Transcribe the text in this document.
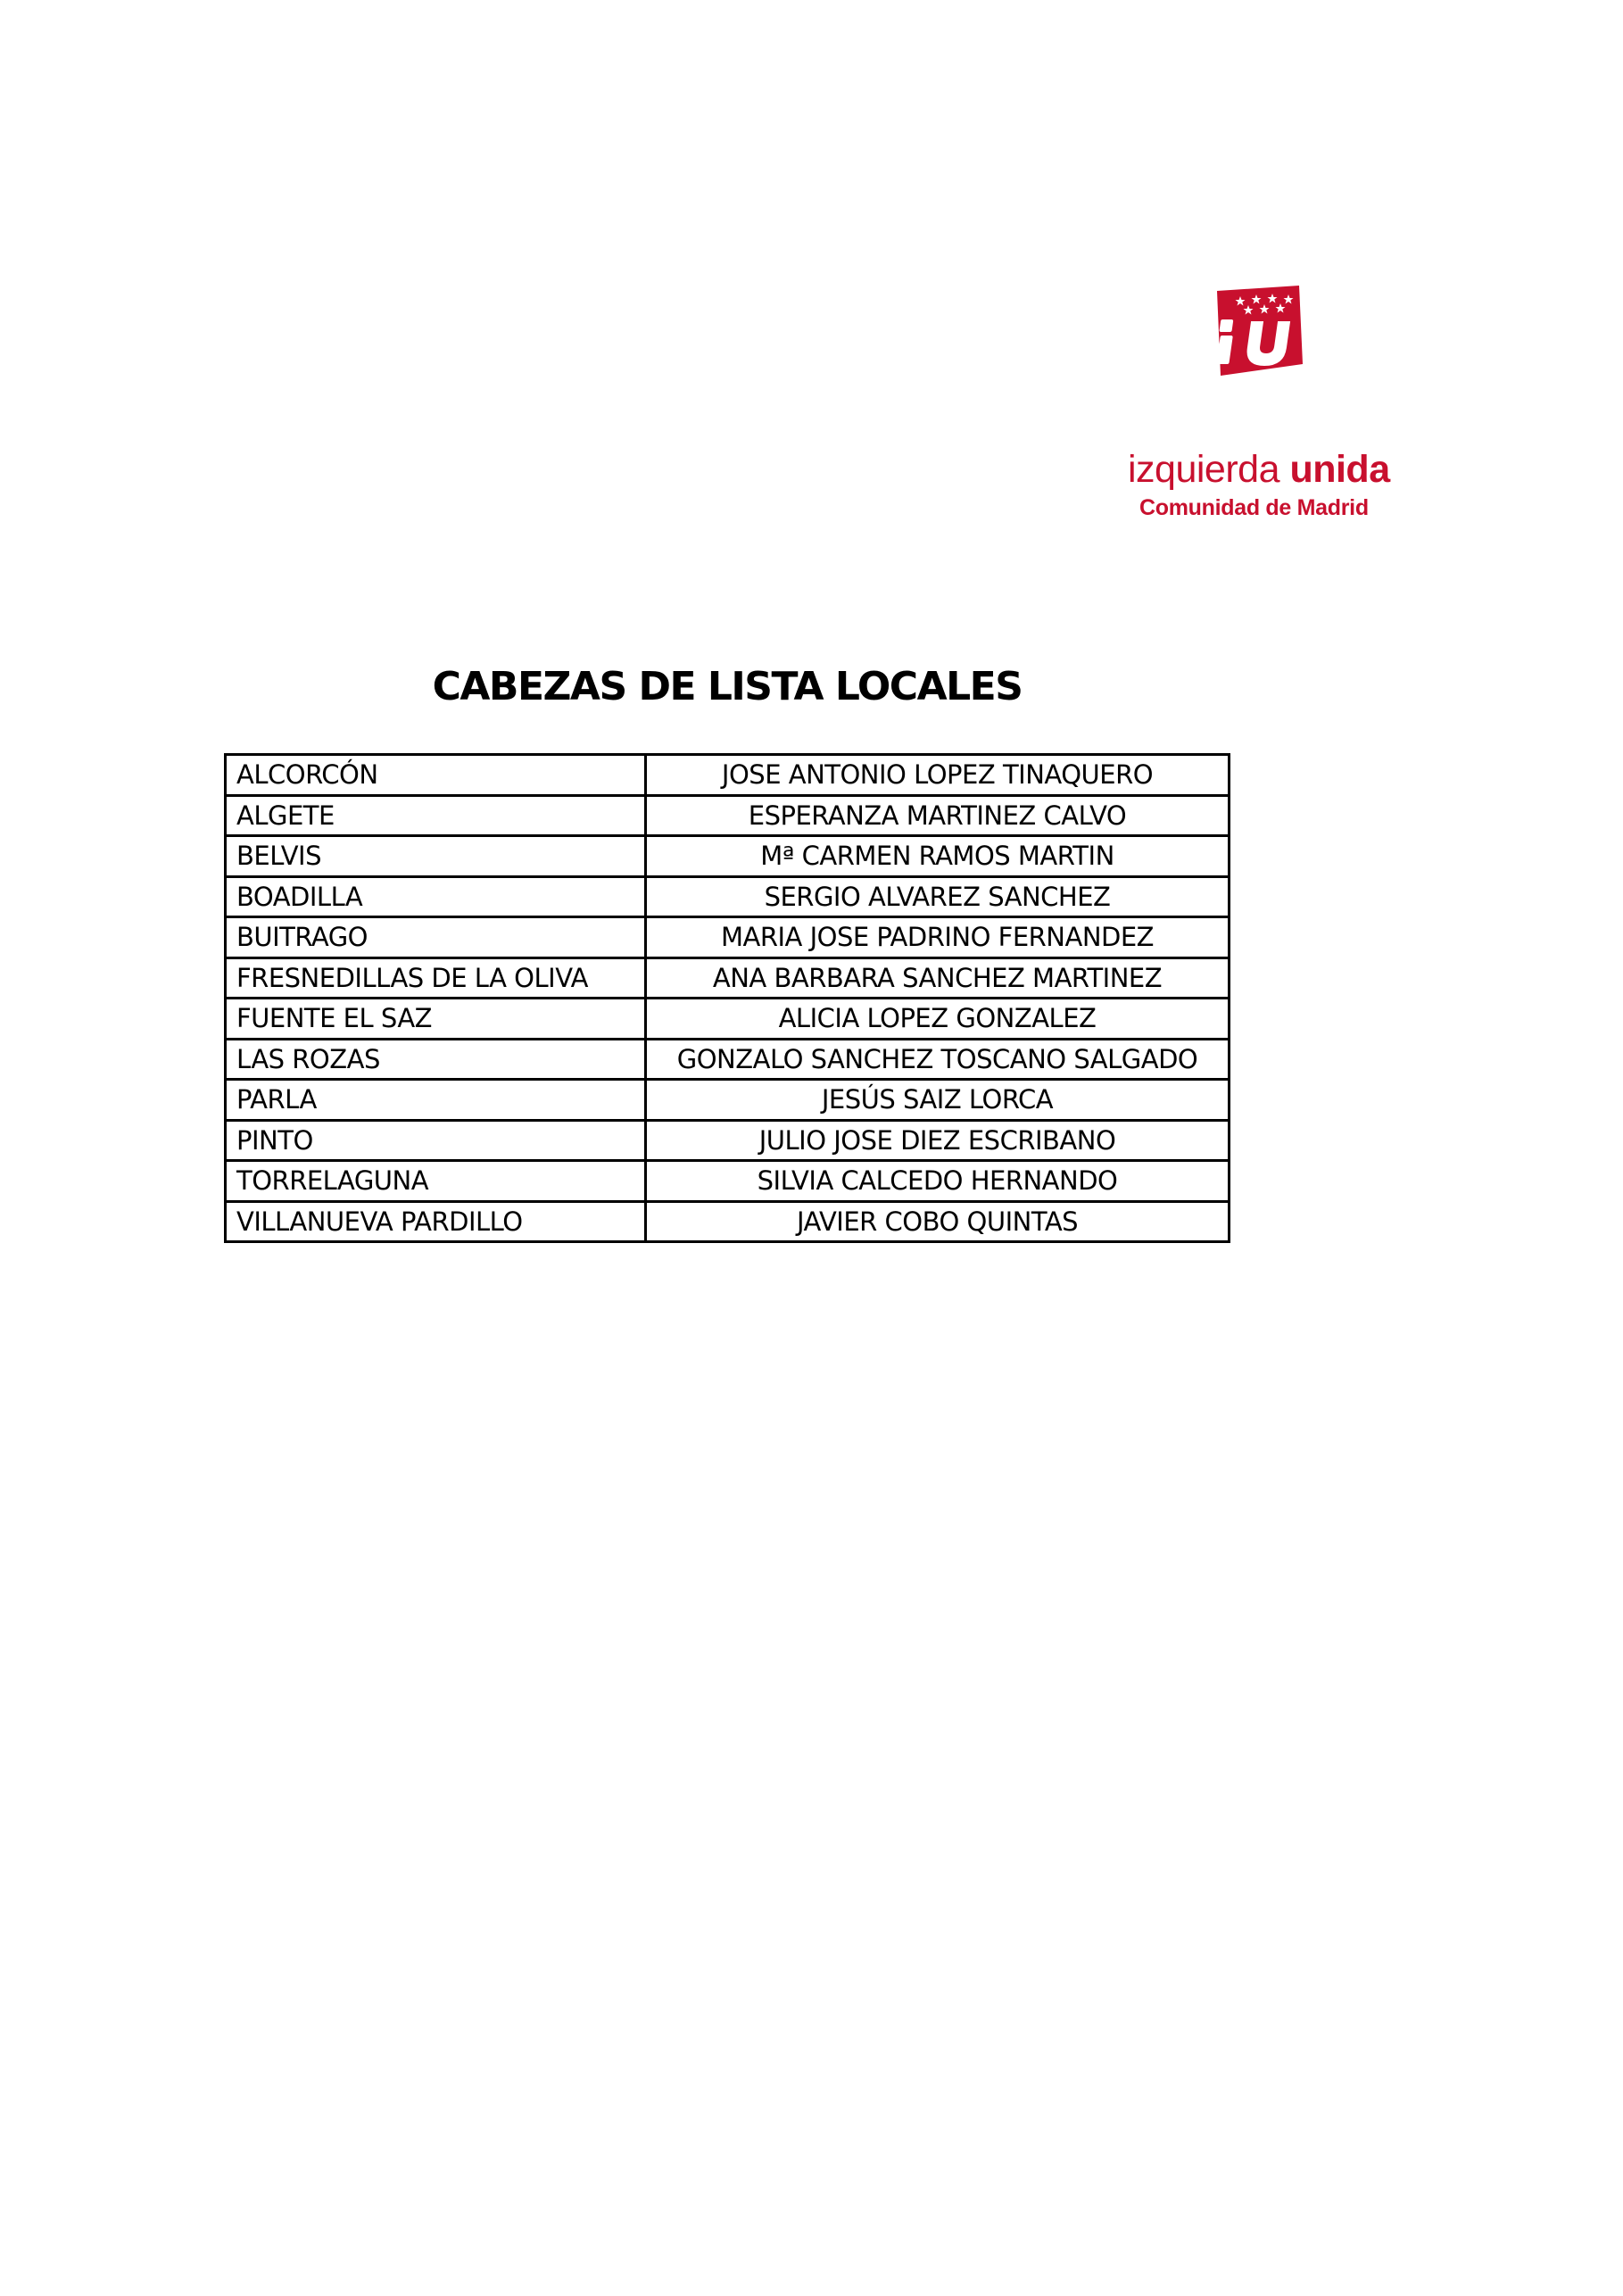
izquierda unida
Comunidad de Madrid
CABEZAS DE LISTA LOCALES
ALCORCÓN	JOSE ANTONIO LOPEZ TINAQUERO
ALGETE	ESPERANZA MARTINEZ CALVO
BELVIS	Mª CARMEN RAMOS MARTIN
BOADILLA	SERGIO ALVAREZ SANCHEZ
BUITRAGO	MARIA JOSE PADRINO FERNANDEZ
FRESNEDILLAS DE LA OLIVA	ANA BARBARA SANCHEZ MARTINEZ
FUENTE EL SAZ	ALICIA LOPEZ GONZALEZ
LAS ROZAS	GONZALO SANCHEZ TOSCANO SALGADO
PARLA	JESÚS SAIZ LORCA
PINTO	JULIO JOSE DIEZ ESCRIBANO
TORRELAGUNA	SILVIA CALCEDO HERNANDO
VILLANUEVA PARDILLO	JAVIER COBO QUINTAS
